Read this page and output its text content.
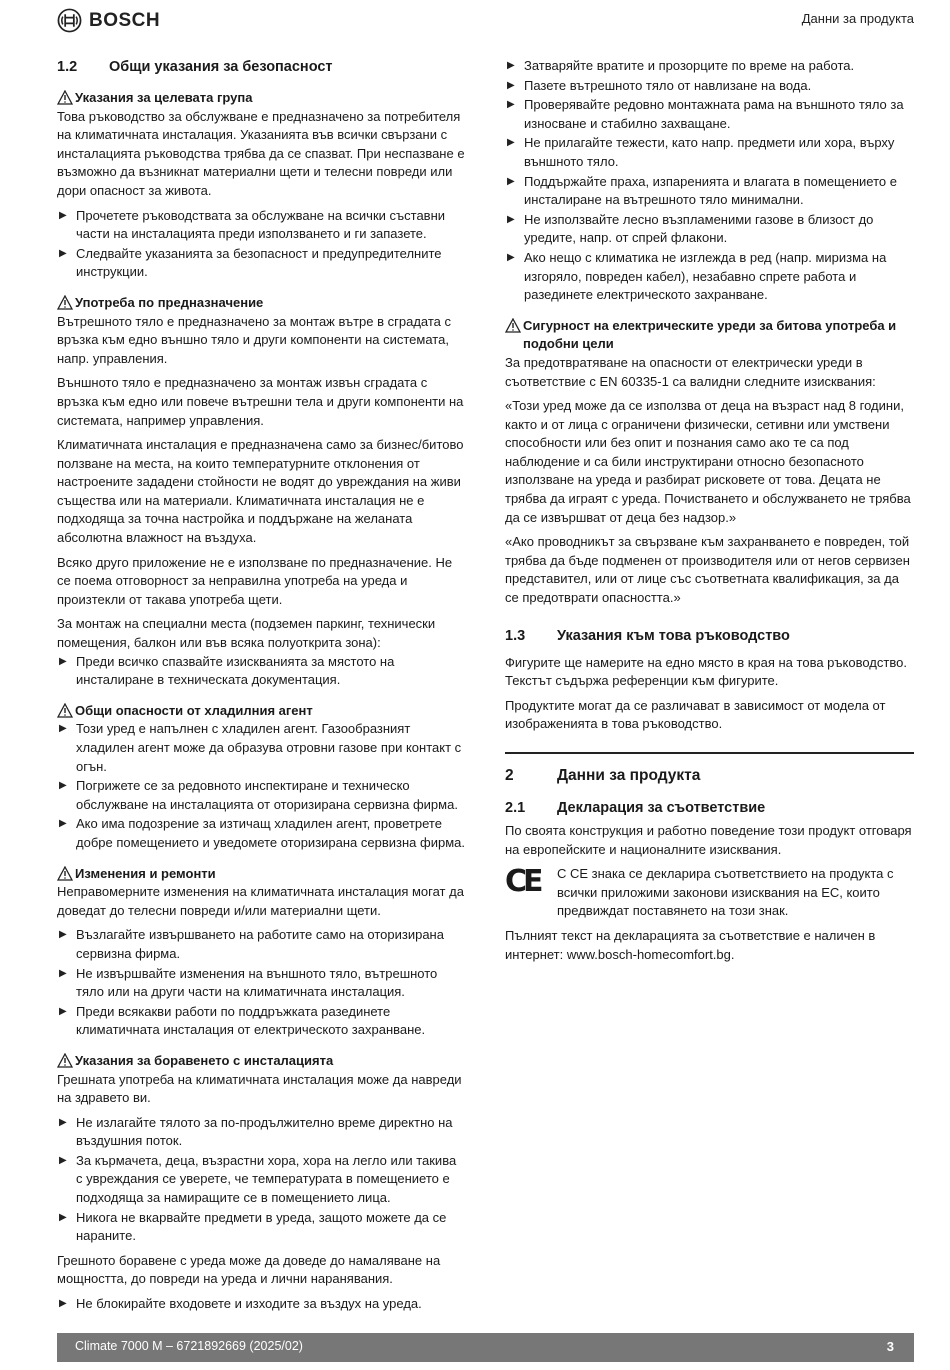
BOSCH	Данни за продукта
1.2	Общи указания за безопасност
Указания за целевата група

Това ръководство за обслужване е предназначено за потребителя на климатичната инсталация. Указанията във всички свързани с инсталацията ръководства трябва да се спазват. При неспазване е възможно да възникнат материални щети и телесни повреди или дори опасност за живота.

▶ Прочетете ръководствата за обслужване на всички съставни части на инсталацията преди използването и ги запазете.
▶ Следвайте указанията за безопасност и предупредителните инструкции.
Употреба по предназначение

Вътрешното тяло е предназначено за монтаж вътре в сградата с връзка към едно външно тяло и други компоненти на системата, напр. управления.

Външното тяло е предназначено за монтаж извън сградата с връзка към едно или повече вътрешни тела и други компоненти на системата, например управления.

Климатичната инсталация е предназначена само за бизнес/битово ползване на места, на които температурните отклонения от настроените зададени стойности не водят до увреждания на живи същества или на материали. Климатичната инсталация не е подходяща за точна настройка и поддържане на желаната абсолютна влажност на въздуха.

Всяко друго приложение не е използване по предназначение. Не се поема отговорност за неправилна употреба на уреда и произтекли от такава употреба щети.

За монтаж на специални места (подземен паркинг, технически помещения, балкон или във всяка полуоткрита зона):

▶ Преди всичко спазвайте изискванията за мястото на инсталиране в техническата документация.
Общи опасности от хладилния агент
▶ Този уред е напълнен с хладилен агент. Газообразният хладилен агент може да образува отровни газове при контакт с огън.
▶ Погрижете се за редовното инспектиране и техническо обслужване на инсталацията от оторизирана сервизна фирма.
▶ Ако има подозрение за изтичащ хладилен агент, проветрете добре помещението и уведомете оторизирана сервизна фирма.
Изменения и ремонти

Неправомерните изменения на климатичната инсталация могат да доведат до телесни повреди и/или материални щети.

▶ Възлагайте извършването на работите само на оторизирана сервизна фирма.
▶ Не извършвайте изменения на външното тяло, вътрешното тяло или на други части на климатичната инсталация.
▶ Преди всякакви работи по поддръжката разединете климатичната инсталация от електрическото захранване.
Указания за боравенето с инсталацията

Грешната употреба на климатичната инсталация може да навреди на здравето ви.

▶ Не излагайте тялото за по-продължително време директно на въздушния поток.
▶ За кърмачета, деца, възрастни хора, хора на легло или такива с увреждания се уверете, че температурата в помещението е подходяща за намиращите се в помещението лица.
▶ Никога не вкарвайте предмети в уреда, защото можете да се нараните.

Грешното боравене с уреда може да доведе до намаляване на мощността, до повреди на уреда и лични наранявания.

▶ Не блокирайте входовете и изходите за въздух на уреда.
▶ Затваряйте вратите и прозорците по време на работа.
▶ Пазете вътрешното тяло от навлизане на вода.
▶ Проверявайте редовно монтажната рама на външното тяло за износване и стабилно захващане.
▶ Не прилагайте тежести, като напр. предмети или хора, върху външното тяло.
▶ Поддържайте праха, изпаренията и влагата в помещението е инсталиране на вътрешното тяло минимални.
▶ Не използвайте лесно възпламеними газове в близост до уредите, напр. от спрей флакони.
▶ Ако нещо с климатика не изглежда в ред (напр. миризма на изгоряло, повреден кабел), незабавно спрете работа и разединете електрическото захранване.
Сигурност на електрическите уреди за битова употреба и подобни цели

За предотвратяване на опасности от електрически уреди в съответствие с EN 60335-1 са валидни следните изисквания:

«Този уред може да се използва от деца на възраст над 8 години, както и от лица с ограничени физически, сетивни или умствени способности или без опит и познания само ако те са под наблюдение и са били инструктирани относно безопасното използване на уреда и разбират рисковете от това. Децата не трябва да играят с уреда. Почистването и обслужването не трябва да се извършват от деца без надзор.»

«Ако проводникът за свързване към захранването е повреден, той трябва да бъде подменен от производителя или от негов сервизен представител, или от лице със съответната квалификация, за да се предотврати опасността.»

1.3	Указания към това ръководство

Фигурите ще намерите на едно място в края на това ръководство. Текстът съдържа референции към фигурите.

Продуктите могат да се различават в зависимост от модела от изображенията в това ръководство.

2	Данни за продукта
2.1	Декларация за съответствие

По своята конструкция и работно поведение този продукт отговаря на европейските и националните изисквания.

CE	С CE знака се декларира съответствието на продукта с всички приложими законови изисквания на ЕС, които предвиждат поставянето на този знак.

Пълният текст на декларацията за съответствие е наличен в интернет: www.bosch-homecomfort.bg.

Climate 7000 M – 6721892669 (2025/02)	3
